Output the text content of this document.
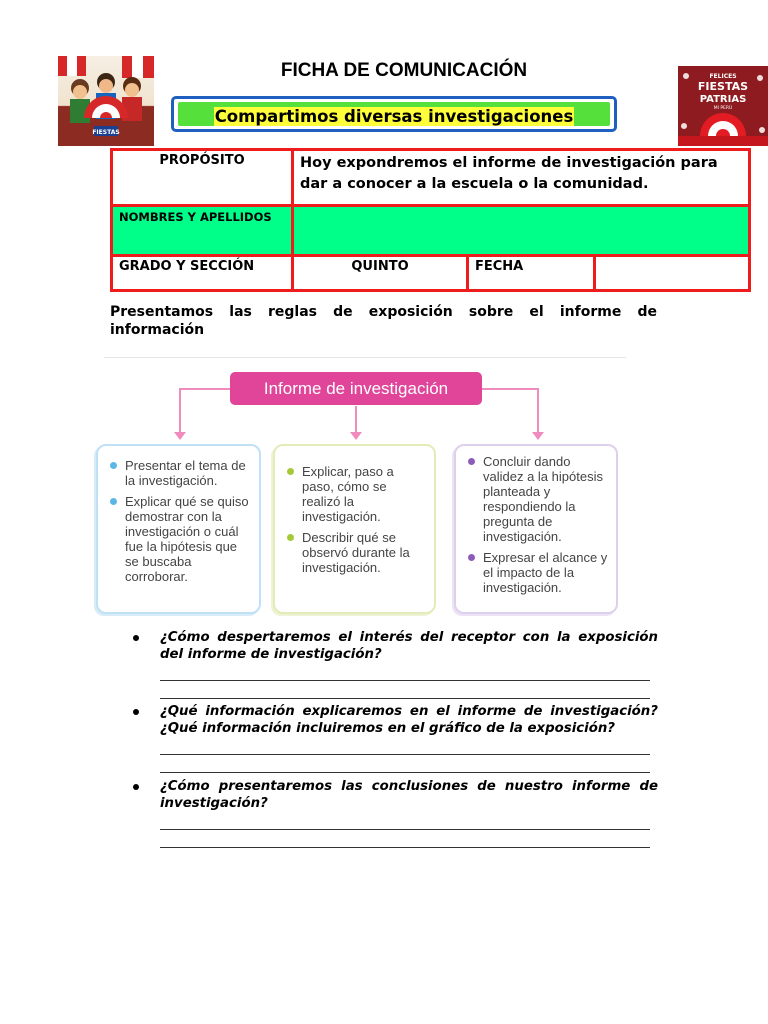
FIESTAS
FICHA DE COMUNICACIÓN	FELICES
FIESTAS
PATRIAS
MI PERÚ
Compartimos diversas investigaciones
PROPÓSITO	Hoy expondremos el informe de investigación para dar a conocer a la escuela o la comunidad.		
NOMBRES Y APELLIDOS			
GRADO Y SECCIÓN	QUINTO	FECHA	
Presentamos las reglas de exposición sobre el informe de información
Informe de investigación
Presentar el tema de la investigación.
Explicar qué se quiso demostrar con la investigación o cuál fue la hipótesis que se buscaba corroborar.
Explicar, paso a paso, cómo se realizó la investigación.
Describir qué se observó durante la investigación.
Concluir dando validez a la hipótesis planteada y respondiendo la pregunta de investigación.
Expresar el alcance y el impacto de la investigación.
¿Cómo despertaremos el interés del receptor con la exposición del informe de investigación?
¿Qué información explicaremos en el informe de investigación? ¿Qué información incluiremos en el gráfico de la exposición?
¿Cómo presentaremos las conclusiones de nuestro informe de investigación?
